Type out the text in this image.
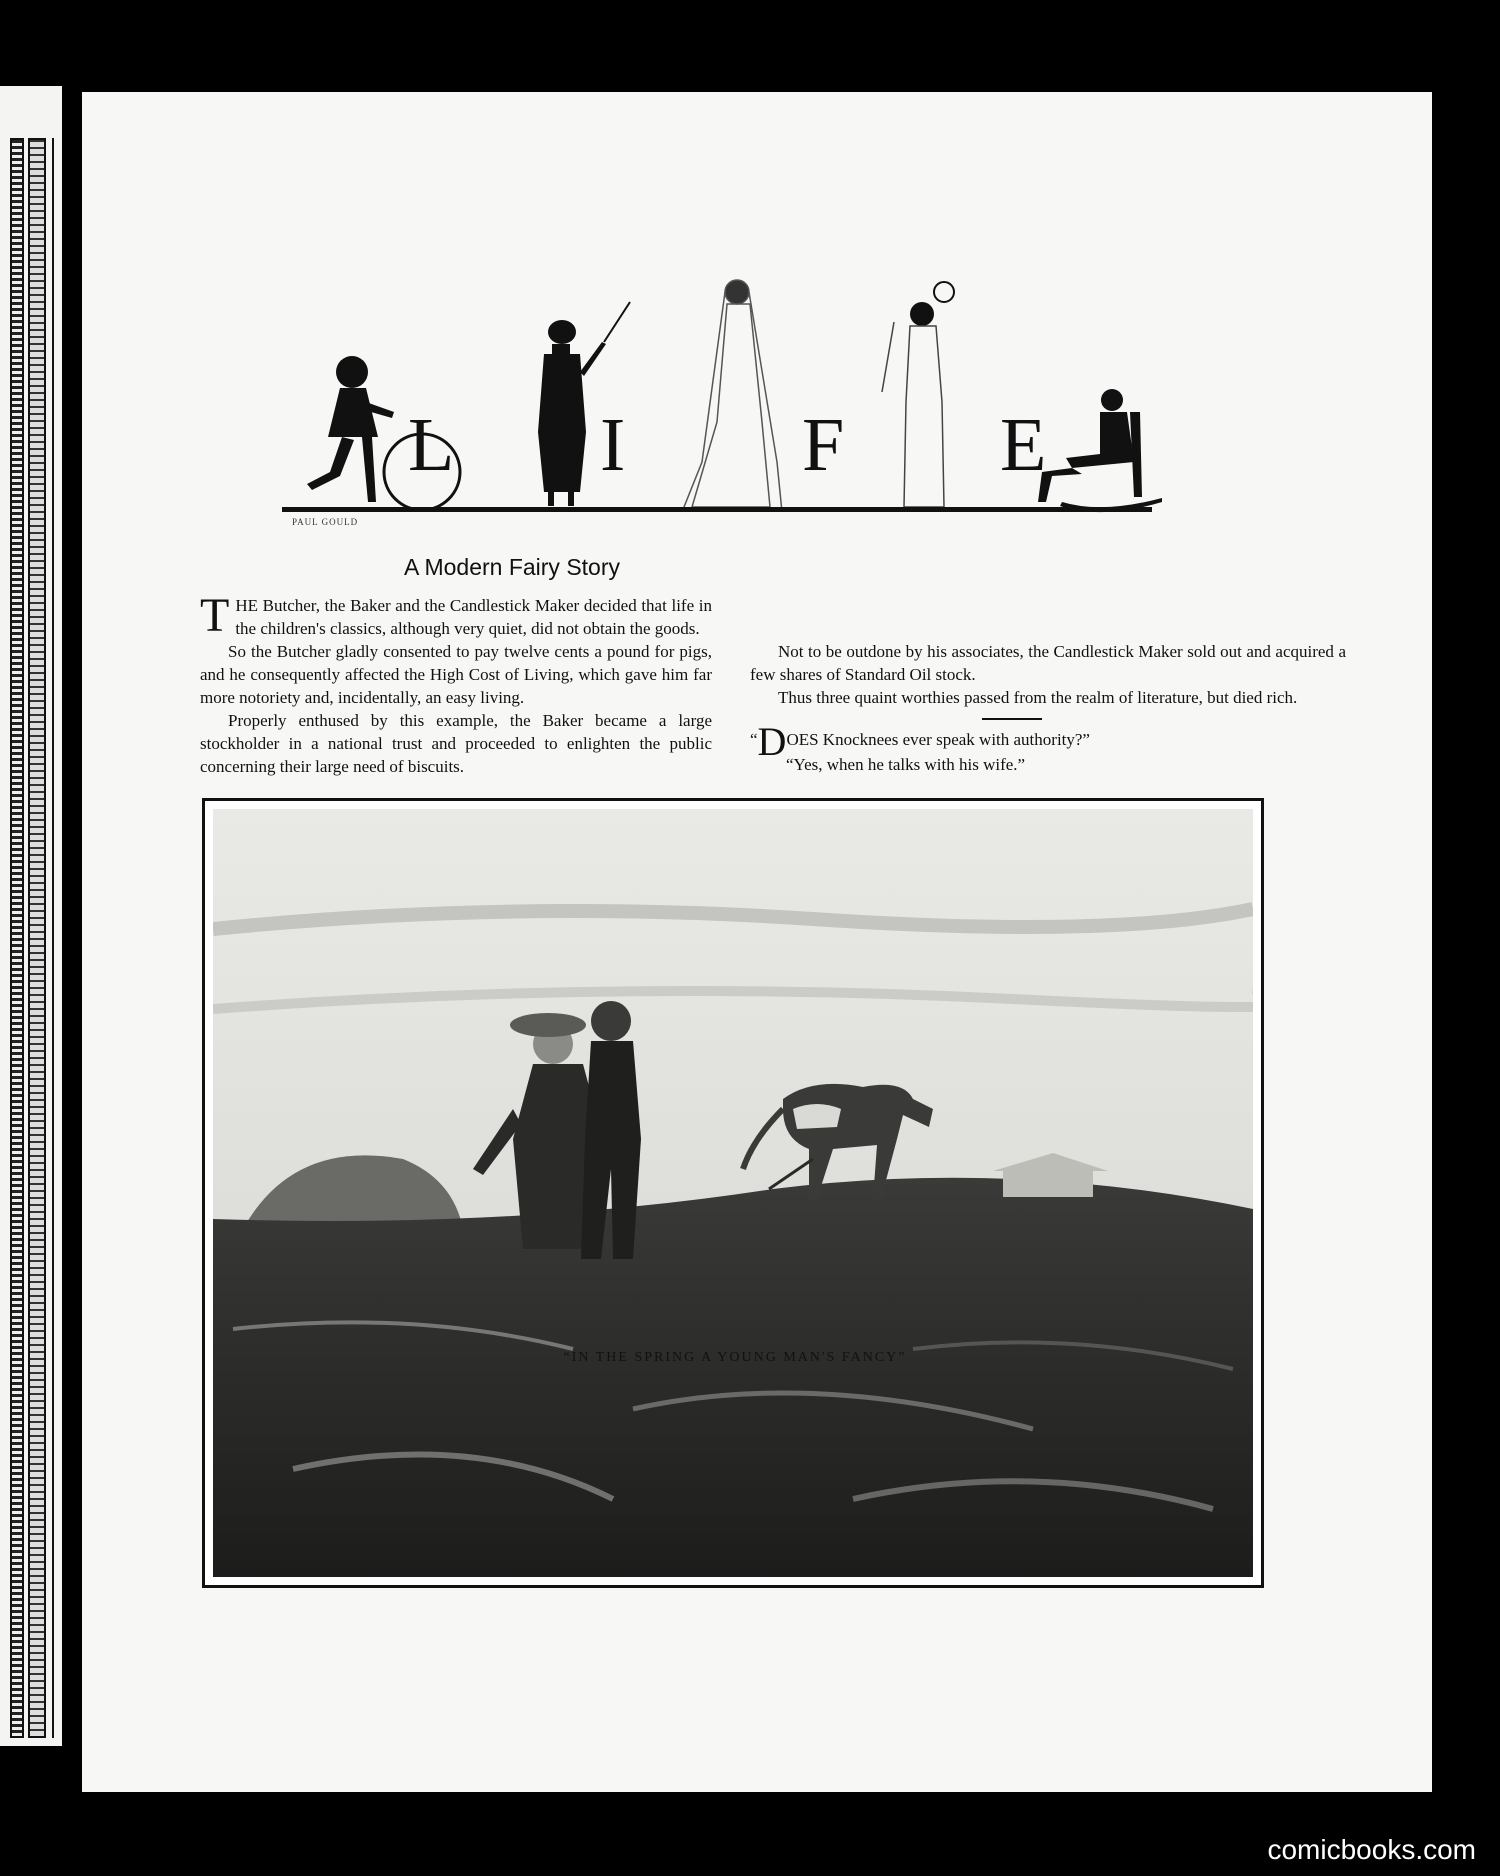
L I F E
PAUL GOULD
A Modern Fairy Story

THE Butcher, the Baker and the Candlestick Maker decided that life in the children's classics, although very quiet, did not obtain the goods.

So the Butcher gladly consented to pay twelve cents a pound for pigs, and he consequently affected the High Cost of Living, which gave him far more notoriety and, incidentally, an easy living.

Properly enthused by this example, the Baker became a large stockholder in a national trust and proceeded to enlighten the public concerning their large need of biscuits.

Not to be outdone by his associates, the Candlestick Maker sold out and acquired a few shares of Standard Oil stock.

Thus three quaint worthies passed from the realm of literature, but died rich.

“DOES Knocknees ever speak with authority?”
“Yes, when he talks with his wife.”
“IN THE SPRING A YOUNG MAN'S FANCY”
comicbooks.com
